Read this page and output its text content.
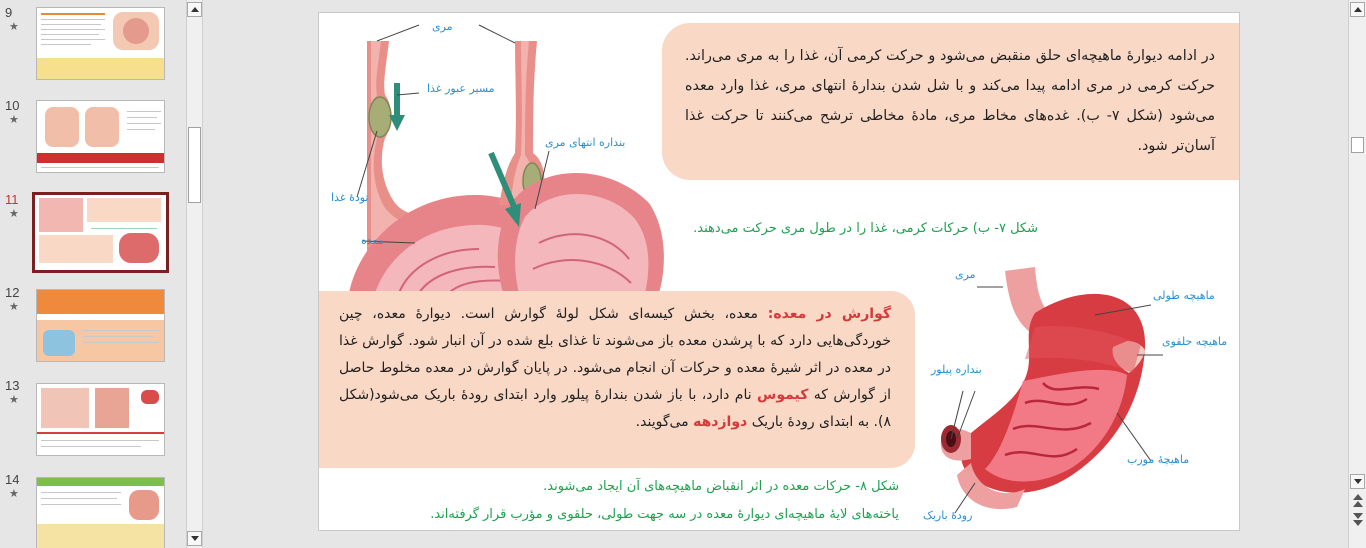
9
★
10
★
11
★
12
★
13
★
14
★
مری
مسیر عبور غذا
تودهٔ غذا
معده
بنداره انتهای مری
در ادامه دیوارهٔ ماهیچه‌ای حلق منقبض می‌شود و حرکت کرمی آن، غذا را به مری می‌راند. حرکت کرمی در مری ادامه پیدا می‌کند و با شل شدن بندارهٔ انتهای مری، غذا وارد معده می‌شود (شکل ۷- ب). غده‌های مخاط مری، مادهٔ مخاطی ترشح می‌کنند تا حرکت غذا آسان‌تر شود.
شکل ۷- ب) حرکات کرمی، غذا را در طول مری حرکت می‌دهند.
گوارش در معده: معده، بخش کیسه‌ای شکل لولهٔ گوارش است. دیوارهٔ معده، چین خوردگی‌هایی دارد که با پرشدن معده باز می‌شوند تا غذای بلع شده در آن انبار شود. گوارش غذا در معده در اثر شیرهٔ معده و حرکات آن انجام می‌شود. در پایان گوارش در معده مخلوط حاصل از گوارش که کیموس نام دارد، با باز شدن بندارهٔ پیلور وارد ابتدای رودهٔ باریک می‌شود(شکل ۸). به ابتدای رودهٔ باریک دوازدهه می‌گویند.
شکل ۸- حرکات معده در اثر انقباض ماهیچه‌های آن ایجاد می‌شوند.
یاخته‌های لایهٔ ماهیچه‌ای دیوارهٔ معده در سه جهت طولی، حلقوی و مؤرب قرار گرفته‌اند.
مری
ماهیچه طولی
ماهیچه حلقوی
بنداره پیلور
ماهیچهٔ مورب
رودهٔ باریک
